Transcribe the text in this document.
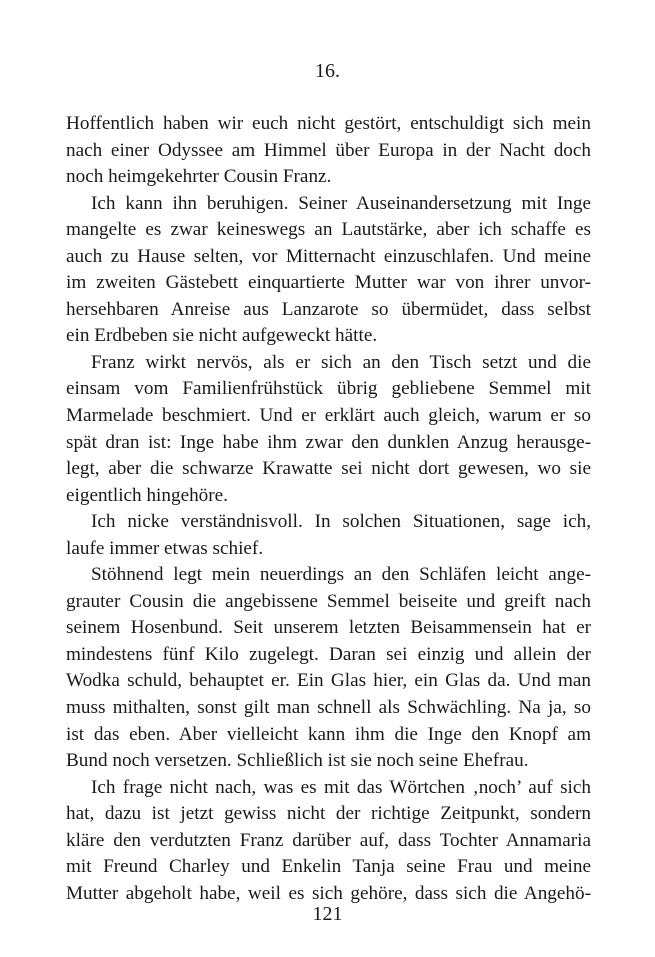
16.
Hoffentlich haben wir euch nicht gestört, entschuldigt sich mein
nach einer Odyssee am Himmel über Europa in der Nacht doch
noch heimgekehrter Cousin Franz.
Ich kann ihn beruhigen. Seiner Auseinandersetzung mit Inge
mangelte es zwar keineswegs an Lautstärke, aber ich schaffe es
auch zu Hause selten, vor Mitternacht einzuschlafen. Und meine
im zweiten Gästebett einquartierte Mutter war von ihrer unvor-
hersehbaren Anreise aus Lanzarote so übermüdet, dass selbst
ein Erdbeben sie nicht aufgeweckt hätte.
Franz wirkt nervös, als er sich an den Tisch setzt und die
einsam vom Familienfrühstück übrig gebliebene Semmel mit
Marmelade beschmiert. Und er erklärt auch gleich, warum er so
spät dran ist: Inge habe ihm zwar den dunklen Anzug herausge-
legt, aber die schwarze Krawatte sei nicht dort gewesen, wo sie
eigentlich hingehöre.
Ich nicke verständnisvoll. In solchen Situationen, sage ich,
laufe immer etwas schief.
Stöhnend legt mein neuerdings an den Schläfen leicht ange-
grauter Cousin die angebissene Semmel beiseite und greift nach
seinem Hosenbund. Seit unserem letzten Beisammensein hat er
mindestens fünf Kilo zugelegt. Daran sei einzig und allein der
Wodka schuld, behauptet er. Ein Glas hier, ein Glas da. Und man
muss mithalten, sonst gilt man schnell als Schwächling. Na ja, so
ist das eben. Aber vielleicht kann ihm die Inge den Knopf am
Bund noch versetzen. Schließlich ist sie noch seine Ehefrau.
Ich frage nicht nach, was es mit das Wörtchen ‚noch’ auf sich
hat, dazu ist jetzt gewiss nicht der richtige Zeitpunkt, sondern
kläre den verdutzten Franz darüber auf, dass Tochter Annamaria
mit Freund Charley und Enkelin Tanja seine Frau und meine
Mutter abgeholt habe, weil es sich gehöre, dass sich die Angehö-
121
